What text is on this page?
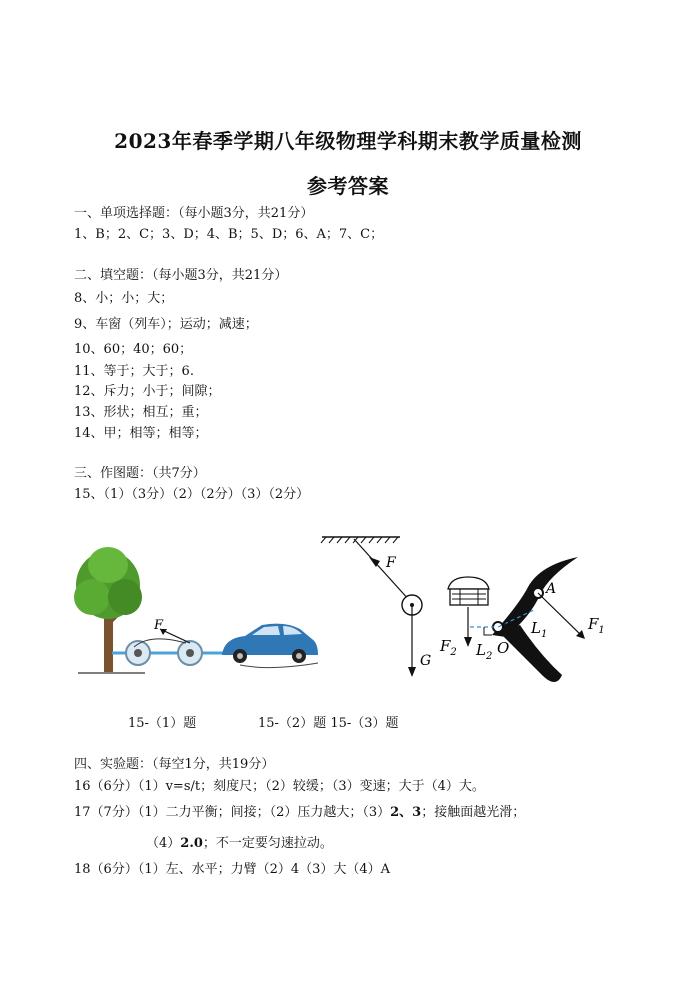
2023年春季学期八年级物理学科期末教学质量检测
参考答案
一、单项选择题：（每小题3分，共21分）
1、B；2、C；3、D；4、B；5、D；6、A；7、C；
二、填空题：（每小题3分，共21分）
8、小；小；大；
9、车窗（列车）；运动；减速；
10、60；40；60；
11、等于；大于；6.
12、斥力；小于；间隙；
13、形状；相互；重；
14、甲；相等；相等；
三、作图题：（共7分）
15、（1）（3分）（2）（2分）（3）（2分）
F
F
G
A
$F_1$
$L_1$
$F_2$ $L_2$ O
15-（1）题	15-（2）题 15-（3）题
四、实验题：（每空1分，共19分）
16（6分）（1）v=s/t；刻度尺；（2）较缓；（3）变速；大于（4）大。
17（7分）（1）二力平衡；间接；（2）压力越大；（3）2、3；接触面越光滑；
（4）2.0；不一定要匀速拉动。
18（6分）（1）左、水平；力臂（2）4（3）大（4）A
